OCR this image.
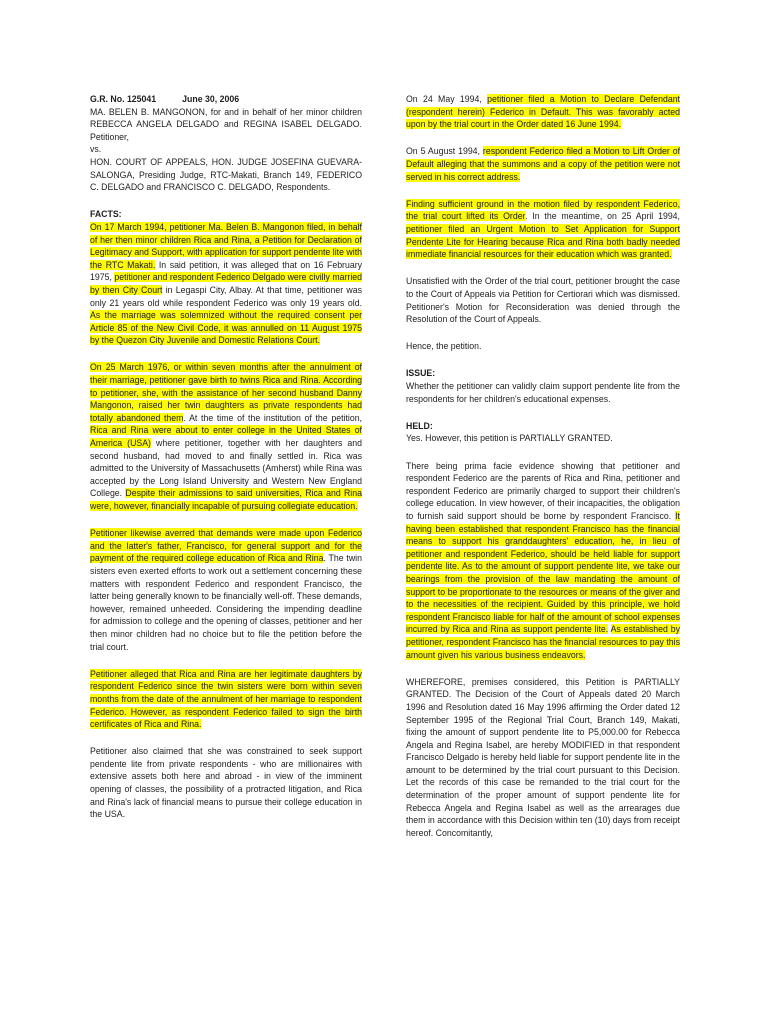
G.R. No. 125041	June 30, 2006

MA. BELEN B. MANGONON, for and in behalf of her minor children REBECCA ANGELA DELGADO and REGINA ISABEL DELGADO. Petitioner,

vs.

HON. COURT OF APPEALS, HON. JUDGE JOSEFINA GUEVARA-SALONGA, Presiding Judge, RTC-Makati, Branch 149, FEDERICO C. DELGADO and FRANCISCO C. DELGADO, Respondents.

FACTS:

On 17 March 1994, petitioner Ma. Belen B. Mangonon filed, in behalf of her then minor children Rica and Rina, a Petition for Declaration of Legitimacy and Support, with application for support pendente lite with the RTC Makati. In said petition, it was alleged that on 16 February 1975, petitioner and respondent Federico Delgado were civilly married by then City Court in Legaspi City, Albay. At that time, petitioner was only 21 years old while respondent Federico was only 19 years old. As the marriage was solemnized without the required consent per Article 85 of the New Civil Code, it was annulled on 11 August 1975 by the Quezon City Juvenile and Domestic Relations Court.

On 25 March 1976, or within seven months after the annulment of their marriage, petitioner gave birth to twins Rica and Rina. According to petitioner, she, with the assistance of her second husband Danny Mangonon, raised her twin daughters as private respondents had totally abandoned them. At the time of the institution of the petition, Rica and Rina were about to enter college in the United States of America (USA) where petitioner, together with her daughters and second husband, had moved to and finally settled in. Rica was admitted to the University of Massachusetts (Amherst) while Rina was accepted by the Long Island University and Western New England College. Despite their admissions to said universities, Rica and Rina were, however, financially incapable of pursuing collegiate education.

Petitioner likewise averred that demands were made upon Federico and the latter's father, Francisco, for general support and for the payment of the required college education of Rica and Rina. The twin sisters even exerted efforts to work out a settlement concerning these matters with respondent Federico and respondent Francisco, the latter being generally known to be financially well-off. These demands, however, remained unheeded. Considering the impending deadline for admission to college and the opening of classes, petitioner and her then minor children had no choice but to file the petition before the trial court.

Petitioner alleged that Rica and Rina are her legitimate daughters by respondent Federico since the twin sisters were born within seven months from the date of the annulment of her marriage to respondent Federico. However, as respondent Federico failed to sign the birth certificates of Rica and Rina.

Petitioner also claimed that she was constrained to seek support pendente lite from private respondents - who are millionaires with extensive assets both here and abroad - in view of the imminent opening of classes, the possibility of a protracted litigation, and Rica and Rina's lack of financial means to pursue their college education in the USA.

On 24 May 1994, petitioner filed a Motion to Declare Defendant (respondent herein) Federico in Default. This was favorably acted upon by the trial court in the Order dated 16 June 1994.

On 5 August 1994, respondent Federico filed a Motion to Lift Order of Default alleging that the summons and a copy of the petition were not served in his correct address.

Finding sufficient ground in the motion filed by respondent Federico, the trial court lifted its Order. In the meantime, on 25 April 1994, petitioner filed an Urgent Motion to Set Application for Support Pendente Lite for Hearing because Rica and Rina both badly needed immediate financial resources for their education which was granted.

Unsatisfied with the Order of the trial court, petitioner brought the case to the Court of Appeals via Petition for Certiorari which was dismissed. Petitioner's Motion for Reconsideration was denied through the Resolution of the Court of Appeals.

Hence, the petition.

ISSUE:

Whether the petitioner can validly claim support pendente lite from the respondents for her children's educational expenses.

HELD:

Yes. However, this petition is PARTIALLY GRANTED.

There being prima facie evidence showing that petitioner and respondent Federico are the parents of Rica and Rina, petitioner and respondent Federico are primarily charged to support their children's college education. In view however, of their incapacities, the obligation to furnish said support should be borne by respondent Francisco. It having been established that respondent Francisco has the financial means to support his granddaughters' education, he, in lieu of petitioner and respondent Federico, should be held liable for support pendente lite. As to the amount of support pendente lite, we take our bearings from the provision of the law mandating the amount of support to be proportionate to the resources or means of the giver and to the necessities of the recipient. Guided by this principle, we hold respondent Francisco liable for half of the amount of school expenses incurred by Rica and Rina as support pendente lite. As established by petitioner, respondent Francisco has the financial resources to pay this amount given his various business endeavors.

WHEREFORE, premises considered, this Petition is PARTIALLY GRANTED. The Decision of the Court of Appeals dated 20 March 1996 and Resolution dated 16 May 1996 affirming the Order dated 12 September 1995 of the Regional Trial Court, Branch 149, Makati, fixing the amount of support pendente lite to P5,000.00 for Rebecca Angela and Regina Isabel, are hereby MODIFIED in that respondent Francisco Delgado is hereby held liable for support pendente lite in the amount to be determined by the trial court pursuant to this Decision. Let the records of this case be remanded to the trial court for the determination of the proper amount of support pendente lite for Rebecca Angela and Regina Isabel as well as the arrearages due them in accordance with this Decision within ten (10) days from receipt hereof. Concomitantly,
